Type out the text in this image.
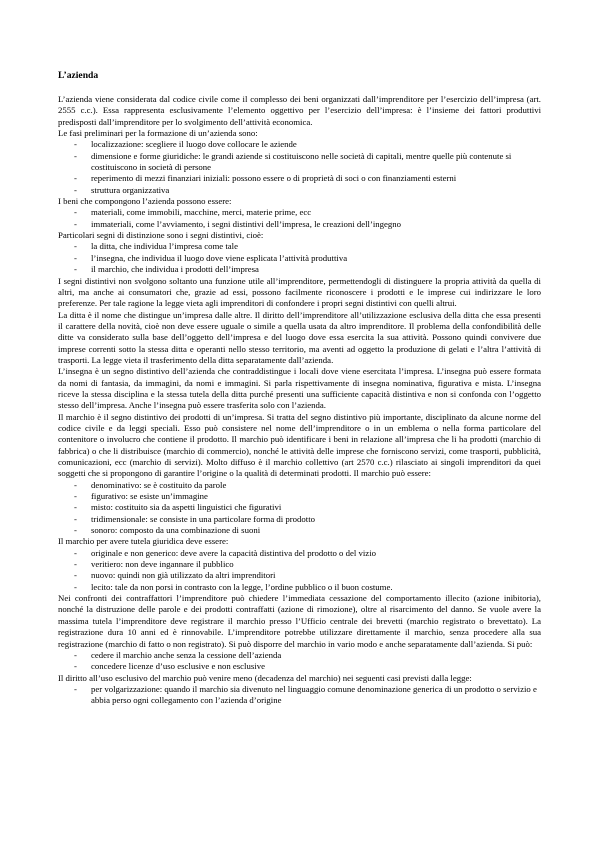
L’azienda

L’azienda viene considerata dal codice civile come il complesso dei beni organizzati dall’imprenditore per l’esercizio dell’impresa (art. 2555 c.c.). Essa rappresenta esclusivamente l’elemento oggettivo per l’esercizio dell’impresa: è l’insieme dei fattori produttivi predisposti dall’imprenditore per lo svolgimento dell’attività economica.

Le fasi preliminari per la formazione di un’azienda sono:

- localizzazione: scegliere il luogo dove collocare le aziende
- dimensione e forme giuridiche: le grandi aziende si costituiscono nelle società di capitali, mentre quelle più contenute si costituiscono in società di persone
- reperimento di mezzi finanziari iniziali: possono essere o di proprietà di soci o con finanziamenti esterni
- struttura organizzativa

I beni che compongono l’azienda possono essere:

- materiali, come immobili, macchine, merci, materie prime, ecc
- immateriali, come l’avviamento, i segni distintivi dell’impresa, le creazioni dell’ingegno

Particolari segni di distinzione sono i segni distintivi, cioè:

- la ditta, che individua l’impresa come tale
- l’insegna, che individua il luogo dove viene esplicata l’attività produttiva
- il marchio, che individua i prodotti dell’impresa

I segni distintivi non svolgono soltanto una funzione utile all’imprenditore, permettendogli di distinguere la propria attività da quella di altri, ma anche ai consumatori che, grazie ad essi, possono facilmente riconoscere i prodotti e le imprese cui indirizzare le loro preferenze. Per tale ragione la legge vieta agli imprenditori di confondere i propri segni distintivi con quelli altrui.

La ditta è il nome che distingue un’impresa dalle altre. Il diritto dell’imprenditore all’utilizzazione esclusiva della ditta che essa presenti il carattere della novità, cioè non deve essere uguale o simile a quella usata da altro imprenditore. Il problema della confondibilità delle ditte va considerato sulla base dell’oggetto dell’impresa e del luogo dove essa esercita la sua attività. Possono quindi convivere due imprese correnti sotto la stessa ditta e operanti nello stesso territorio, ma aventi ad oggetto la produzione di gelati e l’altra l’attività di trasporti. La legge vieta il trasferimento della ditta separatamente dall’azienda.

L’insegna è un segno distintivo dell’azienda che contraddistingue i locali dove viene esercitata l’impresa. L’insegna può essere formata da nomi di fantasia, da immagini, da nomi e immagini. Si parla rispettivamente di insegna nominativa, figurativa e mista. L’insegna riceve la stessa disciplina e la stessa tutela della ditta purché presenti una sufficiente capacità distintiva e non si confonda con l’oggetto stesso dell’impresa. Anche l’insegna può essere trasferita solo con l’azienda.

Il marchio è il segno distintivo dei prodotti di un’impresa. Si tratta del segno distintivo più importante, disciplinato da alcune norme del codice civile e da leggi speciali. Esso può consistere nel nome dell’imprenditore o in un emblema o nella forma particolare del contenitore o involucro che contiene il prodotto. Il marchio può identificare i beni in relazione all’impresa che li ha prodotti (marchio di fabbrica) o che li distribuisce (marchio di commercio), nonché le attività delle imprese che forniscono servizi, come trasporti, pubblicità, comunicazioni, ecc (marchio di servizi). Molto diffuso è il marchio collettivo (art 2570 c.c.) rilasciato ai singoli imprenditori da quei soggetti che si propongono di garantire l’origine o la qualità di determinati prodotti. Il marchio può essere:

- denominativo: se è costituito da parole
- figurativo: se esiste un’immagine
- misto: costituito sia da aspetti linguistici che figurativi
- tridimensionale: se consiste in una particolare forma di prodotto
- sonoro: composto da una combinazione di suoni

Il marchio per avere tutela giuridica deve essere:

- originale e non generico: deve avere la capacità distintiva del prodotto o del vizio
- veritiero: non deve ingannare il pubblico
- nuovo: quindi non già utilizzato da altri imprenditori
- lecito: tale da non porsi in contrasto con la legge, l’ordine pubblico o il buon costume.

Nei confronti dei contraffattori l’imprenditore può chiedere l’immediata cessazione del comportamento illecito (azione inibitoria), nonché la distruzione delle parole e dei prodotti contraffatti (azione di rimozione), oltre al risarcimento del danno. Se vuole avere la massima tutela l’imprenditore deve registrare il marchio presso l’Ufficio centrale dei brevetti (marchio registrato o brevettato). La registrazione dura 10 anni ed è rinnovabile. L’imprenditore potrebbe utilizzare direttamente il marchio, senza procedere alla sua registrazione (marchio di fatto o non registrato). Si può disporre del marchio in vario modo e anche separatamente dall’azienda. Si può:

- cedere il marchio anche senza la cessione dell’azienda
- concedere licenze d’uso esclusive e non esclusive

Il diritto all’uso esclusivo del marchio può venire meno (decadenza del marchio) nei seguenti casi previsti dalla legge:

- per volgarizzazione: quando il marchio sia divenuto nel linguaggio comune denominazione generica di un prodotto o servizio e abbia perso ogni collegamento con l’azienda d’origine
